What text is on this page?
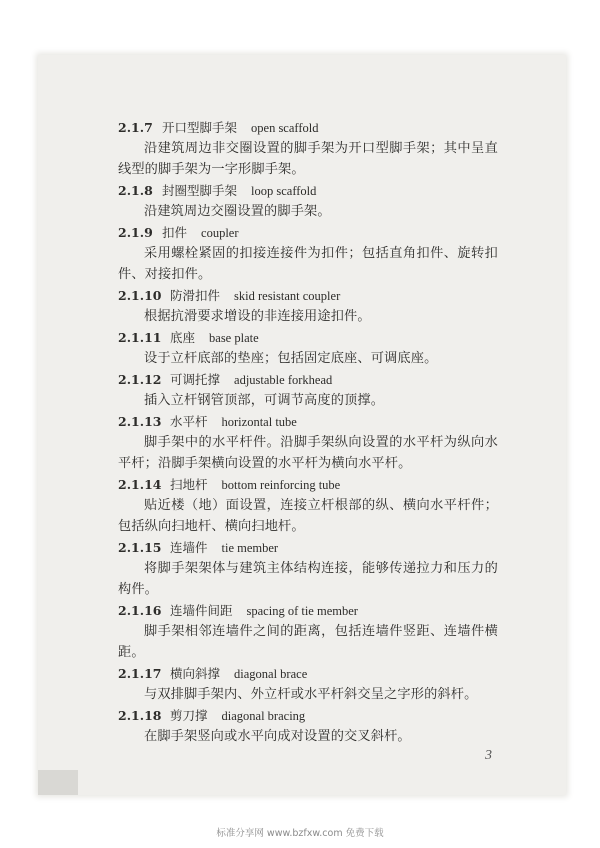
2.1.7 开口型脚手架 open scaffold

沿建筑周边非交圈设置的脚手架为开口型脚手架；其中呈直线型的脚手架为一字形脚手架。

2.1.8 封圈型脚手架 loop scaffold

沿建筑周边交圈设置的脚手架。

2.1.9 扣件 coupler

采用螺栓紧固的扣接连接件为扣件；包括直角扣件、旋转扣件、对接扣件。

2.1.10 防滑扣件 skid resistant coupler

根据抗滑要求增设的非连接用途扣件。

2.1.11 底座 base plate

设于立杆底部的垫座；包括固定底座、可调底座。

2.1.12 可调托撑 adjustable forkhead

插入立杆钢管顶部，可调节高度的顶撑。

2.1.13 水平杆 horizontal tube

脚手架中的水平杆件。沿脚手架纵向设置的水平杆为纵向水平杆；沿脚手架横向设置的水平杆为横向水平杆。

2.1.14 扫地杆 bottom reinforcing tube

贴近楼（地）面设置，连接立杆根部的纵、横向水平杆件；包括纵向扫地杆、横向扫地杆。

2.1.15 连墙件 tie member

将脚手架架体与建筑主体结构连接，能够传递拉力和压力的构件。

2.1.16 连墙件间距 spacing of tie member

脚手架相邻连墙件之间的距离，包括连墙件竖距、连墙件横距。

2.1.17 横向斜撑 diagonal brace

与双排脚手架内、外立杆或水平杆斜交呈之字形的斜杆。

2.1.18 剪刀撑 diagonal bracing

在脚手架竖向或水平向成对设置的交叉斜杆。

3
标准分享网 www.bzfxw.com 免费下载
